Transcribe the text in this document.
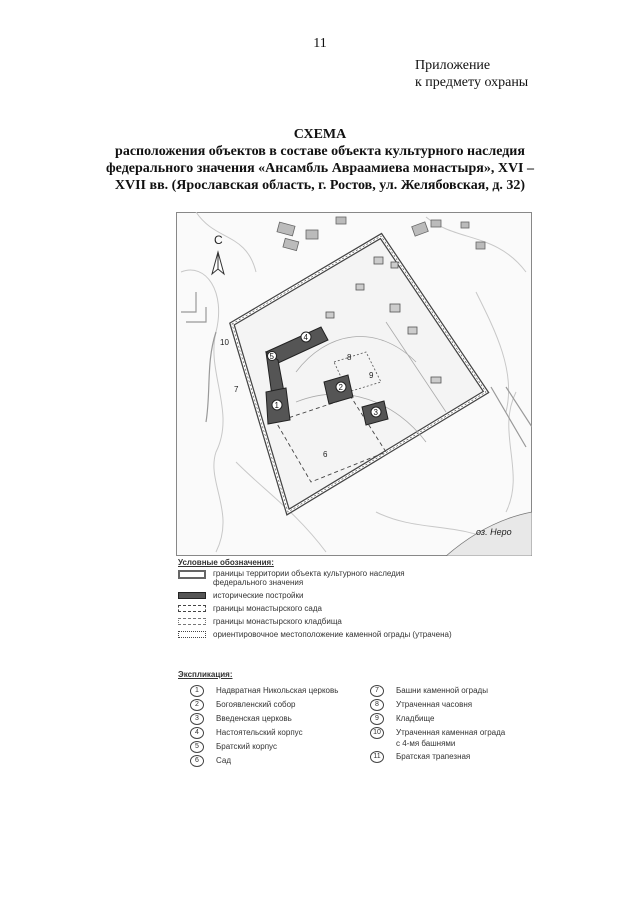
11
Приложение
к предмету охраны
СХЕМА
расположения объектов в составе объекта культурного наследия
федерального значения «Ансамбль Авраамиева монастыря», XVI –
XVII вв. (Ярославская область, г. Ростов, ул. Желябовская, д. 32)
С
1
2
3
4
5
6
7
8
9
10
оз. Неро
Условные обозначения:
границы территории объекта культурного наследия
федерального значения
исторические постройки
границы монастырского сада
границы монастырского кладбища
ориентировочное местоположение каменной ограды (утрачена)
Экспликация:
1	Надвратная Никольская церковь
2	Богоявленский собор
3	Введенская церковь
4	Настоятельский корпус
5	Братский корпус
6	Сад
7	Башни каменной ограды
8	Утраченная часовня
9	Кладбище
10	Утраченная каменная ограда
с 4-мя башнями
11	Братская трапезная
